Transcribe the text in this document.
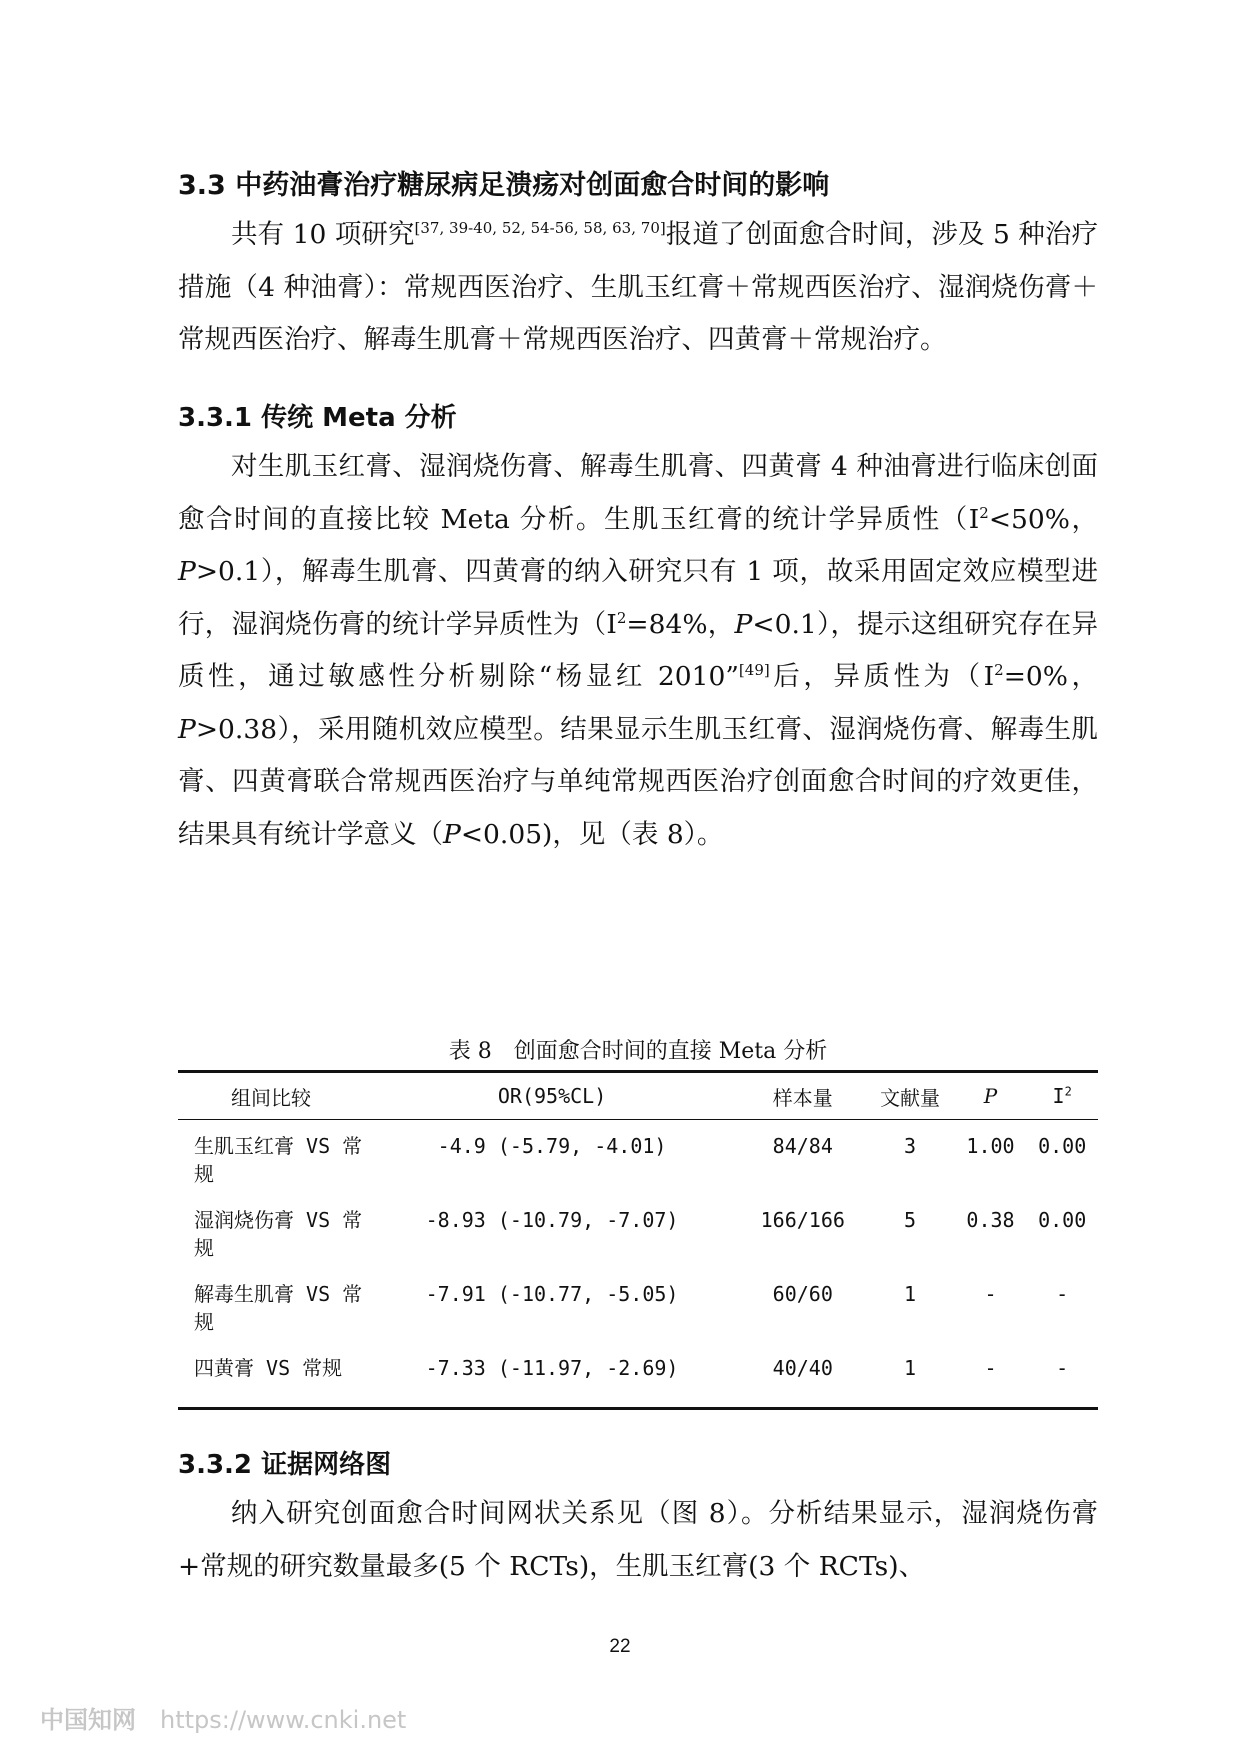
3.3 中药油膏治疗糖尿病足溃疡对创面愈合时间的影响

共有 10 项研究[37, 39-40, 52, 54-56, 58, 63, 70]报道了创面愈合时间，涉及 5 种治疗措施（4 种油膏）：常规西医治疗、生肌玉红膏＋常规西医治疗、湿润烧伤膏＋常规西医治疗、解毒生肌膏＋常规西医治疗、四黄膏＋常规治疗。

3.3.1 传统 Meta 分析

对生肌玉红膏、湿润烧伤膏、解毒生肌膏、四黄膏 4 种油膏进行临床创面愈合时间的直接比较 Meta 分析。生肌玉红膏的统计学异质性（$I^2<50\%$，P>0.1），解毒生肌膏、四黄膏的纳入研究只有 1 项，故采用固定效应模型进行，湿润烧伤膏的统计学异质性为（$I^2=84\%$，P<0.1），提示这组研究存在异质性，通过敏感性分析剔除“杨显红 2010”[49]后，异质性为（$I^2=0\%$，P>0.38），采用随机效应模型。结果显示生肌玉红膏、湿润烧伤膏、解毒生肌膏、四黄膏联合常规西医治疗与单纯常规西医治疗创面愈合时间的疗效更佳，结果具有统计学意义（P<0.05)，见（表 8）。

表 8　创面愈合时间的直接 Meta 分析
组间比较	OR(95%CL)	样本量	文献量	P	$I^2$
生肌玉红膏 VS 常规	-4.9 (-5.79, -4.01)	84/84	3	1.00	0.00
湿润烧伤膏 VS 常规	-8.93 (-10.79, -7.07)	166/166	5	0.38	0.00
解毒生肌膏 VS 常规	-7.91 (-10.77, -5.05)	60/60	1	-	-
四黄膏 VS 常规	-7.33 (-11.97, -2.69)	40/40	1	-	-
3.3.2 证据网络图

纳入研究创面愈合时间网状关系见（图 8）。分析结果显示，湿润烧伤膏+常规的研究数量最多(5 个 RCTs)，生肌玉红膏(3 个 RCTs)、

22
中国知网 https://www.cnki.net
